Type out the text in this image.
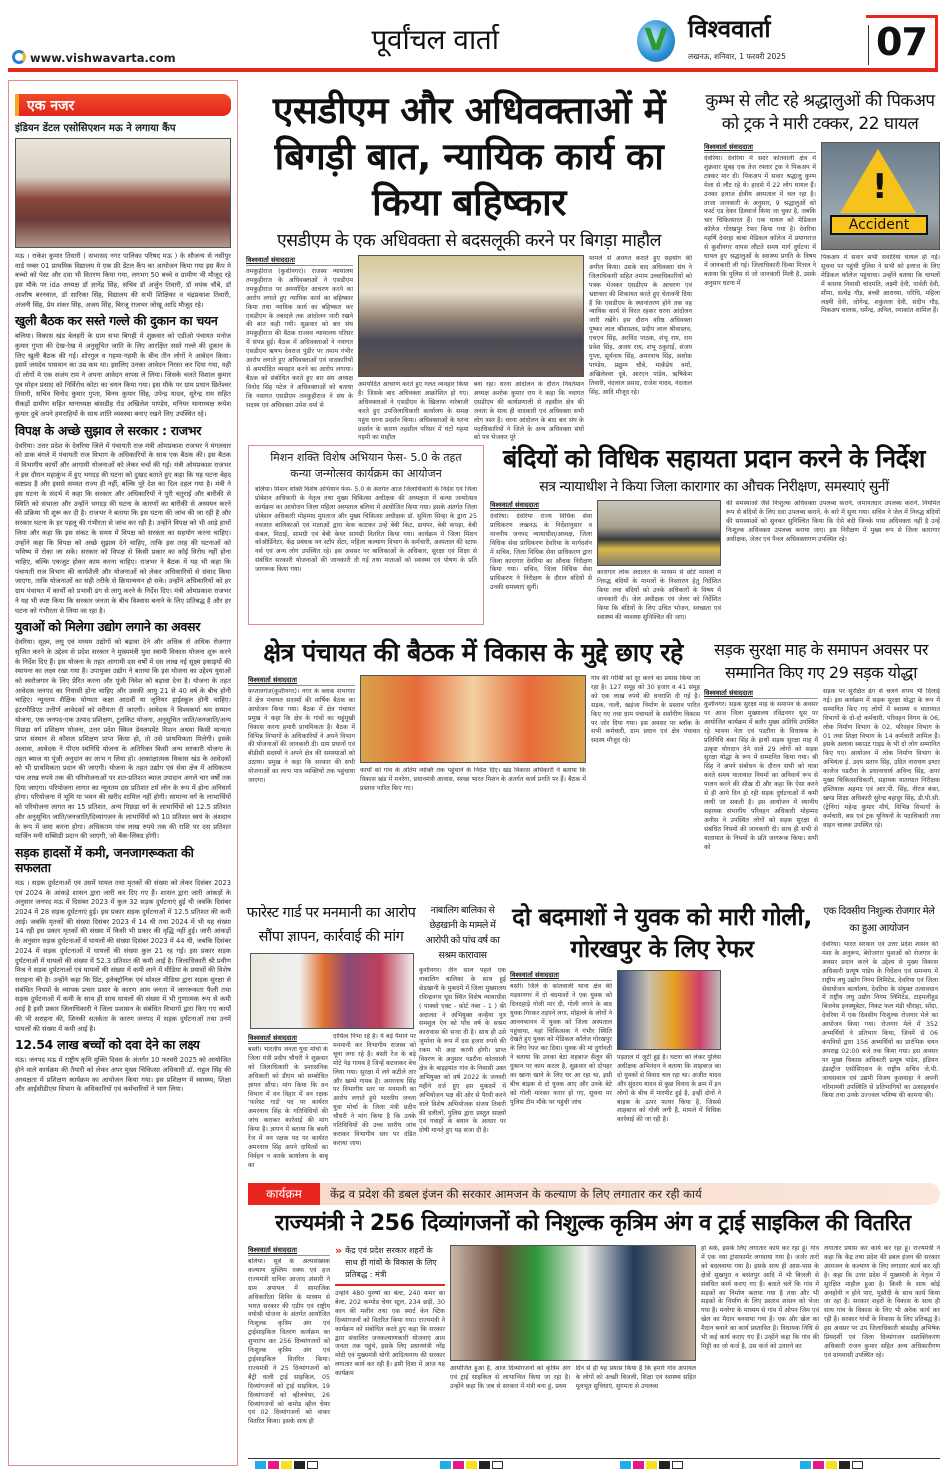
www.vishwavarta.com
पूर्वांचल वार्ता	V विश्ववार्ता
लखनऊ, शनिवार, 1 फरवरी 2025 07
एक नजर
इंडियन डेंटल एसोसिएशन मऊ ने लगाया कैंप
मऊ । राकेश कुमार तिवारी ( सभासद नगर पालिका परिषद मऊ ) के सौजन्य से नसीपुर वार्ड नम्बर 01 प्राथमिक विद्यालय मे एक फ्री डेंटल कैंप का आयोजन किया गया इस कैंप मे बच्चो को पेस्ट और दवा भी वितरण किया गया, लगभग 50 बच्चे व ग्रामीण भी मौजूद रहे इस मौके पर ida अध्यक्ष डॉ ज्ञानेंद्र सिंह, सचिव डॉ अर्जुन तिवारी, डॉ मयंक चौबे, डॉ आशीष बरनवाल, डॉ सारिका सिंह, विद्यालय की सभी शिक्षिका व चंद्रप्रकाश तिवारी, अंजनी सिंह, प्रेम शंकर सिंह, अजय सिंह, बिरजू राजभर जोखू आदि मौजूद रहे।
खुली बैठक कर सस्ते गल्ले की दुकान का चयन
बलिया। विकास खंड बेलहरी के ग्राम सभा बिगही मे शुक्रवार को एडीओ पंचायत मनोज कुमार गुप्ता की देख-रेख मे अनुसूचित जाति के लिए आरक्षित सस्ते गल्ले की दुकान के लिए खुली बैठक की गई। शोरगुल व गहमा-गहमी के बीच तीन लोगों ने आवेदन किया। इसमें जयदेव पासवान का उम्र कम था। इसलिए उनका आवेदन निरस्त कर दिया गया, वही दो लोगों मे एक सजंय राम ने अपना आवेदन वापस ले लिया। जिसके चलते विशाल कुमार पुत्र मोहन प्रसाद को निर्विरोध कोटा का चयन किया गया। इस मौके पर ग्राम प्रधान छितेश्वर तिवारी, सचिव विनोद कुमार गुप्ता, बिनय कुमार सिंह, उपेन्द्र यादव, सुरेन्द्र राम सहित सैकड़ों ग्रामीण सहित थानाध्यक्ष बांसडीह रोड अखिलेश पाण्डेय, मनियर थानाध्यक्ष रूपेश कुमार दुबे अपने हमराहियों के साथ शांति व्यवस्था बनाए रखने लिए उपस्थित रहे।
विपक्ष के अच्छे सुझाव ले सरकार : राजभर
देवरिया। उत्तर प्रदेश के देवरिया जिले में पंचायती राज मंत्री ओमप्रकाश राजभर ने मंगलवार को डाक बंगले में पंचायती राज विभाग के अधिकारियों के साथ एक बैठक की। इस बैठक में विभागीय कार्यों और आगामी योजनाओं को लेकर चर्चा की गई। मंत्री ओमप्रकाश राजभर ने इस दौरान महाकुंभ में हुए भगदड़ की घटना को दुखद बताते हुए कहा कि यह घटना बेहद कष्टप्रद है और इससे समस्त राज्य ही नहीं, बल्कि पूरे देश का दिल दहल गया है। मंत्री ने इस घटना के संदर्भ में कहा कि सरकार और अधिकारियों ने पूरी चतुराई और बारीकी से स्थिति को संभाला और उन्होंने भगदड़ की घटना के कारणों का बारीकी से अध्ययन करने की प्रक्रिया भी शुरू कर दी है। राजभर ने बताया कि इस घटना की जांच की जा रही है और सरकार घटना के हर पहलू की गंभीरता से जांच कर रही है। उन्होंने विपक्ष को भी आड़े हाथों लिया और कहा कि इस संकट के समय में विपक्ष को सरकार का सहयोग करना चाहिए। उन्होंने कहा कि विपक्ष को अच्छे सुझाव देने चाहिए, ताकि इस तरह की घटनाओं को भविष्य में रोका जा सके। सरकार को विपक्ष से किसी प्रकार का कोई विरोध नहीं होना चाहिए, बल्कि एकजुट होकर काम करना चाहिए। राजभर ने बैठक में यह भी कहा कि पंचायती राज विभाग की कार्यशैली और योजनाओं को लेकर अधिकारियों से संवाद किया जाएगा, ताकि योजनाओं का सही तरीके से क्रियान्वयन हो सके। उन्होंने अधिकारियों को हर ग्राम पंचायत में कार्यों को प्रभावी ढंग से लागू करने के निर्देश दिए। मंत्री ओमप्रकाश राजभर ने यह भी स्पष्ट किया कि सरकार जनता के बीच विश्वास बनाने के लिए प्रतिबद्ध है और हर घटना को गंभीरता से लिया जा रहा है।
युवाओं को मिलेगा उद्योग लगाने का अवसर
देवरिया। सूक्ष्म, लघु एवं मध्यम उद्योगों को बढ़ावा देने और अधिक से अधिक रोजगार सृजित करने के उद्देश्य से प्रदेश सरकार ने मुख्यमंत्री युवा स्वामी विकास योजना शुरू करने के निर्देश दिए हैं। इस योजना के तहत आगामी दस वर्षों में दस लाख नई सूक्ष्म इकाइयों की स्थापना का लक्ष्य रखा गया है। उपायुक्त उद्योग ने बताया कि इस योजना का उद्देश्य युवाओं को स्वरोजगार के लिए प्रेरित करना और पूंजी निवेश को बढ़ावा देना है। योजना के तहत आवेदक जनपद का निवासी होना चाहिए और उसकी आयु 21 से 40 वर्ष के बीच होनी चाहिए। न्यूनतम शैक्षिक योग्यता कक्षा आठवीं या जूनियर हाईस्कूल होनी चाहिए। इंटरमीडिएट उत्तीर्ण आवेदकों को वरीयता दी जाएगी। आवेदक ने विश्वकर्मा श्रम सम्मान योजना, एक जनपद-एक उत्पाद प्रशिक्षण, टूलकिट योजना, अनुसूचित जाति/जनजाति/अन्य पिछड़ा वर्ग प्रशिक्षण योजना, उत्तर प्रदेश स्किल डेवलपमेंट मिशन अथवा किसी मान्यता प्राप्त संस्थान से कौशल प्रशिक्षण प्राप्त किया हो, तो उसे प्राथमिकता मिलेगी। इसके अलावा, आवेदक ने पीएम स्वनिधि योजना के अतिरिक्त किसी अन्य सरकारी योजना के तहत ब्याज या पूंजी अनुदान का लाभ न लिया हो। आकांक्षात्मक विकास खंड के आवेदकों को भी प्राथमिकता प्रदान की जाएगी। योजना के तहत उद्योग एवं सेवा क्षेत्र में अधिकतम पांच लाख रुपये तक की परियोजनाओं पर शत-प्रतिशत ब्याज उपादान अगले चार वर्षों तक दिया जाएगा। परियोजना लागत का न्यूनतम दस प्रतिशत टर्म लोन के रूप में होना अनिवार्य होगा। परियोजना में भूमि या भवन की खरीद शामिल नहीं होगी। सामान्य वर्ग के लाभार्थियों को परियोजना लागत का 15 प्रतिशत, अन्य पिछड़ा वर्ग के लाभार्थियों को 12.5 प्रतिशत और अनुसूचित जाति/जनजाति/दिव्यांगजन के लाभार्थियों को 10 प्रतिशत स्वयं के अंशदान के रूप में जमा करना होगा। अधिकतम पांच लाख रुपये तक की राशि पर दस प्रतिशत मार्जिन मनी सब्सिडी प्रदान की जाएगी, जो बैंक-लिंक्ड होगी।
सड़क हादसों में कमी, जनजागरूकता की सफलता
मऊ । सड़क दुर्घटनाओं एवं उसमें घायल तथा मृतकों की संख्या को लेकर दिसंबर 2023 एवं 2024 के आंकड़े शासन द्वारा जारी कर दिए गए हैं। शासन द्वारा जारी आंकड़ों के अनुसार जनपद मऊ में दिसंबर 2023 में कुल 32 सड़क दुर्घटनाएं हुई थी जबकि दिसंबर 2024 में 28 सड़क दुर्घटनाएं हुई। इस प्रकार सड़क दुर्घटनाओं में 12.5 प्रतिशत की कमी आई। जबकि मृतकों की संख्या दिसंबर 2023 में 14 थी तथा 2024 में भी यह संख्या 14 रही इस प्रकार मृतकों की संख्या में किसी भी प्रकार की वृद्धि नहीं हुई। जारी आंकड़ों के अनुसार सड़क दुर्घटनाओं में घायलों की संख्या दिसंबर 2023 में 44 थी, जबकि दिसंबर 2024 में सड़क दुर्घटनाओं में घायलों की संख्या कुल 21 रह गई। इस प्रकार सड़क दुर्घटनाओं में घायलों की संख्या में 52.3 प्रतिशत की कमी आई है। जिलाधिकारी श्री प्रवीण मिश्र ने सड़क दुर्घटनाओं एवं घायलों की संख्या में कमी लाने में मीडिया के प्रयासों की विशेष सराहना की है। उन्होंने कहा कि प्रिंट, इलेक्ट्रॉनिक एवं सोशल मीडिया द्वारा सड़क सुरक्षा से संबंधित नियमों के व्यापक प्रचार प्रसार के कारण आम जनता में जागरूकता फैली तथा सड़क दुर्घटनाओं में कमी के साथ ही साथ घायलों की संख्या में भी गुणात्मक रूप से कमी आई है इसी प्रकार जिलाधिकारी ने जिला प्रशासन के संबंधित विभागों द्वारा किए गए कार्यों की भी सराहना की, जिनकी सतर्कता के कारण जनपद में सड़क दुर्घटनाओं तथा उनमें घायलों की संख्या में कमी आई है।
12.54 लाख बच्चों को दवा देने का लक्ष्य
मऊ। जनपद मऊ में राष्ट्रीय कृमि मुक्ति दिवस के अंतर्गत 10 फरवरी 2025 को आयोजित होने वाले कार्यक्रम की तैयारी को लेकर अपर मुख्य चिकित्सा अधिकारी डॉ. राहुल सिंह की अध्यक्षता में प्रशिक्षण कार्यक्रम का आयोजन किया गया। इस प्रशिक्षण में स्वास्थ्य, शिक्षा और आईसीडीएस विभाग के अधिकारियों एवं कर्मचारियों ने भाग लिया।
एसडीएम और अधिवक्ताओं में बिगड़ी बात, न्यायिक कार्य का किया बहिष्कार
एसडीएम के एक अधिवक्ता से बदसलूकी करने पर बिगड़ा माहौल
विश्ववार्ता संवाददाता
तमकुहीराज (कुशीनगर)। राजस्व न्यायालय तमकुहीराज के अधिवक्ताओं ने एसडीएम तमकुहीराज पर अमर्यादित आचरण करने का आरोप लगाते हुए न्यायिक कार्य का बहिष्कार किया तथा न्यायिक कार्य का बहिष्कार कर एसडीएम के तबादले तक आंदोलन जारी रखने की बात कही गयी। शुक्रवार को बार संघ तमकुहीराज की बैठक राजस्व न्यायालय परिसर में संपन्न हुई। बैठक में अधिवक्ताओं ने नवागत एसडीएम ऋषभ देवराज पुंडीर पर तमाम गंभीर आरोप लगाते हुए अधिवक्ताओं एवं वादकारियों से अमर्यादित व्यवहार करने का आरोप लगाया। बैठक को संबोधित करते हुए बार संघ अध्यक्ष विनोद सिंह पटेल ने अधिवक्ताओं को बताया कि नवागत एसडीएम तमकुहीराज ने संघ के सदस्य एवं अधिवक्ता उमेश वर्मा से
अमर्यादित आचरण करते हुए गलत व्यवहार किया है। जिसके बाद अधिवक्ता आक्रोशित हो गए। अधिवक्ताओं ने एसडीएम के खिलाफ नारेबाजी करते हुए उपजिलाधिकारी कार्यालय के समक्ष पहुंच धरना प्रदर्शन किया। अधिवक्ताओं के धरना प्रदर्शन के कारण तहसील परिसर में घंटों गहमा गहमी का माहौल
बना रहा। धरना आंदोलन के दौरान निवर्तमान अध्यक्ष अशोक कुमार राय ने कहा कि नवागत एसडीएम की कार्यप्रणाली से तहसील क्षेत्र की जनता के साथ ही वादकारी एवं अधिवक्ता सभी लोग त्रस्त है। धरना आंदोलन के बाद बार संघ के पदाधिकारियों ने जिले के अन्य अधिवक्ता संघों को पत्र भेजकर पूरे
मामले से अवगत कराते हुए सहयोग की अपील किया। उसके बाद अधिवक्ता संघ ने जिलाधिकारी सहित तमाम उच्चाधिकारियों को पत्रक भेजकर एसडीएम के आचरण एवं भ्रष्टाचार की शिकायत करते हुए चेतावनी दिया है कि एसडीएम के स्थानांतरण होने तक वह न्यायिक कार्य से विरत रहकर धरना आंदोलन जारी रखेंगे। इस दौरान वरिष्ठ अधिवक्ता पुष्कर लाल श्रीवास्तव, प्रदीप लाल श्रीवास्तव, एचएन सिंह, अरविंद पाठक, शंभू राय, राम प्रवेश सिंह, अजय राय, शंभू ठकुराई, संजय गुप्ता, सूर्यनाथ सिंह, अमरनाथ सिंह, अशोक पाण्डेय, प्रद्युम्न चौबे, मार्कंडेय वर्मा, अखिलेश्वर दूबे, आरएन पांडेय, ऋषिकेश तिवारी, नंदलाल प्रसाद, राजेश यादव, नंदलाल सिंह, आदि मौजूद रहे।
कुम्भ से लौट रहे श्रद्धालुओं की पिकअप को ट्रक ने मारी टक्कर, 22 घायल
विश्ववार्ता संवाददाता
देवरिया। देवरिया में सदर कोतवाली क्षेत्र में शुक्रवार सुबह एक तेज रफ्तार ट्रक ने पिकअप में टक्कर मार दी। पिकअप में सवार श्रद्धालु कुम्भ मेला से लौट रहे थे। हादसे में 22 लोग घायल हैं। उनका इलाज क्षेत्रीय अस्पताल में चल रहा है। ताजा जानकारी के अनुसार, 9 श्रद्धालुओं को फर्स्ट एड देकर डिस्चार्ज किया जा चुका है, जबकि चार चिकित्सारत हैं। एक घायल को मेडिकल कॉलेज गोरखपुर रेफर किया गया है। देवरिया महर्षि देवरहा बाबा मेडिकल कॉलेज में प्रयागराज से कुशीनगर वापस लौटते समय मार्ग दुर्घटना में घायल हुए श्रद्धालुओं के स्वास्थ्य प्रगति के विषय में जानकारी ली गई। जिलाधिकारी दिव्या मित्तल ने बताया कि पुलिस से जो जानकारी मिली है, उसके अनुसार घटना में
!
Accident
पिकअप में सवार सभी सवारियां घायल हो गईं। सूचना पर पहुंची पुलिस ने सभी को इलाज के लिए मेडिकल कॉलेज पहुंचाया। उन्होंने बताया कि घायलों में कसया निवासी चांदमति, लक्ष्मी देवी, पार्वती देवी, सीमा, सत्येंद्र गौड़, बच्ची आराध्या, परिधि, महिला लक्ष्मी देवी, जोगेन्द्र, शकुंतला देवी, संदीप गौड़, पिकअप चालक, धर्मेन्द्र, अनिल, रमाकांत शामिल हैं।
मिशन शक्ति विशेष अभियान फेस- 5.0 के तहत कन्या जन्मोत्सव कार्यक्रम का आयोजन
बलिया। मिशन शक्ति विशेष अभियान फेस- 5.0 के अंतर्गत आज जिलाधिकारी के निर्देश एवं जिला प्रोबेशन अधिकारी के नेतृत्व तथा मुख्य चिकित्सा अधीक्षक की अध्यक्षता में कन्या जन्मोत्सव कार्यक्रम का आयोजन जिला महिला अस्पताल बलिया में आयोजित किया गया। इसके अंतर्गत जिला प्रोबेशन अधिकारी मोहम्मद मुमताज और मुख्य चिकित्सा अधीक्षक डॉ. सुमिता सिन्हा के द्वारा 25 नवजात बालिकाओं एवं माताओं द्वारा केक काटकर उन्हें बेबी किट, डायपर, बेबी कपड़ा, बेबी कंबल, मिठाई, सामग्री एवं बेबी केयर सामग्री वितरित किया गया। कार्यक्रम में जिला मिशन कोऑर्डिनेटर, केंद्र प्रबंधक वन स्टॉप सेंटर, महिला कल्याण विभाग के कर्मचारी, अस्पताल की स्टाफ नर्स एवं अन्य लोग उपस्थित रहे। इस अवसर पर बालिकाओं के अधिकार, सुरक्षा एवं शिक्षा से संबंधित सरकारी योजनाओं की जानकारी दी गई तथा माताओं को स्वास्थ्य एवं पोषण के प्रति जागरूक किया गया।
बंदियों को विधिक सहायता प्रदान करने के निर्देश
सत्र न्यायाधीश ने किया जिला कारागार का औचक निरीक्षण, समस्याएं सुनीं
विश्ववार्ता संवाददाता
देवरिया। देवरिया राज्य विधिक सेवा प्राधिकरण लखनऊ के निर्देशानुसार व माननीय जनपद न्यायाधीश/अध्यक्ष, जिला विधिक सेवा प्राधिकरण देवरिया के मार्गदर्शन में सचिव, जिला विधिक सेवा प्राधिकरण द्वारा जिला कारागार देवरिया का औचक निरीक्षण किया गया। सचिव, जिला विधिक सेवा प्राधिकरण ने निरीक्षण के दौरान बंदियों से उनकी समस्याएं सुनीं।
कारागार लोक अदालत के माध्यम से छोटे मामलों में निरुद्ध बंदियों के मामलों के निस्तारण हेतु निर्देशित किया तथा बंदियों को उनके अधिकारों के विषय में जानकारी दी। जेल अधीक्षक एवं जेलर को निर्देशित किया कि बंदियों के लिए उचित भोजन, स्वच्छता एवं स्वास्थ्य की व्यवस्था सुनिश्चित की जाए।
की समस्याओं जैसे निःशुल्क अधिवक्ता उपलब्ध कराने, जमानतदार उपलब्ध कराने, नियमित रूप से बंदियों के लिए दवा उपलब्ध कराने, के बारे में सुना गया। सचिव ने जेल में निरुद्ध बंदियों की समस्याओं को सुनकर सुनिश्चित किया कि ऐसे बंदी जिनके पास अधिवक्ता नहीं है उन्हें निःशुल्क अधिवक्ता उपलब्ध कराया जाए। इस निरीक्षण में मुख्य रूप से जिला कारागार अधीक्षक, जेलर एवं पैनल अधिवक्तागण उपस्थित रहे।
क्षेत्र पंचायत की बैठक में विकास के मुद्दे छाए रहे
विश्ववार्ता संवाददाता
कप्तानगंज(कुशीनगर)। नगर के ब्लाक सभागार में क्षेत्र पंचायत सदस्यों की वार्षिक बैठक का आयोजन किया गया। बैठक में क्षेत्र पंचायत प्रमुख ने कहा कि क्षेत्र के गांवों का चहुंमुखी विकास करना हमारी प्राथमिकता है। बैठक में विभिन्न विभागों के अधिकारियों ने अपने विभाग की योजनाओं की जानकारी दी। ग्राम प्रधानों एवं बीडीसी सदस्यों ने अपने क्षेत्र की समस्याओं को उठाया। प्रमुख ने कहा कि सरकार की सभी योजनाओं का लाभ पात्र व्यक्तियों तक पहुंचाया जाएगा।
कार्यों को गांव के अंतिम व्यक्ति तक पहुंचाने के निर्देश दिए। खंड विकास अधिकारी ने बताया कि विकास खंड में मनरेगा, प्रधानमंत्री आवास, स्वच्छ भारत मिशन के अंतर्गत कार्य प्रगति पर हैं। बैठक में प्रस्ताव पारित किए गए।
गांव की गरीबी को दूर करने का प्रयास किया जा रहा है। 127 समूह को 30 हजार व 41 समूह को एक लाख रुपये की धनराशि दी गई है। सड़क, नाली, खड़ंजा निर्माण के प्रस्ताव पारित किए गए तथा ग्राम पंचायतों के सर्वांगीण विकास पर जोर दिया गया। इस अवसर पर ब्लॉक के सभी कर्मचारी, ग्राम प्रधान एवं क्षेत्र पंचायत सदस्य मौजूद रहे।
सड़क सुरक्षा माह के समापन अवसर पर सम्मानित किए गए 29 सड़क योद्धा
विश्ववार्ता संवाददाता
कुशीनगर। सड़क सुरक्षा माह के समापन के अवसर पर आज जिला मुख्यालय रविंद्रनगर धूस पर आयोजित कार्यक्रम में बतौर मुख्य अतिथि उपस्थित रहे भावना नेता एवं पडरौना के विधायक के प्रतिनिधि बंका सिंह के हाथों सड़क सुरक्षा माह में उत्कृष्ट योगदान देने वाले 29 लोगों को सड़क सुरक्षा योद्धा के रूप में सम्मानित किया गया। श्री सिंह ने अपने संबोधन के दौरान सभी को यात्रा करते समय यातायात नियमों का अनिवार्य रूप से पालन करने की सीख दी और कहा कि ऐसा करने से ही आये दिन हो रही सड़क दुर्घटनाओं में कमी लायी जा सकती है। इस आयोजन में स्थानीय सहायक संभागीय परिवहन अधिकारी मोहम्मद अनीस ने उपस्थित लोगों को सड़क सुरक्षा से संबंधित नियमों की जानकारी दी। साथ ही सभी से यातायात के नियमों के प्रति जागरूक किया। सभी को
सड़क पर सुरक्षित ढंग से चलने शपथ भी दिलाई गई। इस कार्यक्रम में सड़क सुरक्षा योद्धा के रूप में सम्मानित किए गए लोगों में स्वास्थ्य व यातायात विभागों के दो-दो कर्मचारी, परिवहन निगम के 06, लोक निर्माण विभाग के 02, परिवहन विभाग के 01 तथा शिक्षा विभाग के 14 कर्मचारी शामिल हैं। इसके अलावा स्काउट गाइड के भी दो लोग सम्मानित किए गए। आयोजन में लोक निर्माण विभाग के अभियंता ई. उदय प्रताप सिंह, उदित नारायण इण्टर कालेज पडरौना के प्रधानाचार्य अविन्द सिंह, अपर मुख्य चिकित्साधिकारी, सहायक यातायात निरीक्षक इश्तियाक अहमद एवं आर.पी. सिंह, नीरज बंका, खण्ड शिक्षा अधिकारी सुरेन्द्र बहादुर सिंह, डी.पी.सी. (ट्रेनिंग) महेन्द्र कुमार मौर्य, विभिन्न विभागों के कर्मचारी, बस एवं ट्रक यूनियनों के पदाधिकारी तथा वाहन चालक उपस्थित रहे।
फारेस्ट गार्ड पर मनमानी का आरोप सौंपा ज्ञापन, कार्रवाई की मांग
विश्ववार्ता संवाददाता
बस्ती। भारतीय जनता युवा मोर्चा के जिला मंत्री प्रदीप चौधरी ने शुक्रवार को जिलाधिकारी के प्रशासनिक अधिकारी को डीएम को सम्बोधित ज्ञापन सौंपा। मांग किया कि वन विभाग में वन विहार में वन रक्षक 'फारेस्ट गार्ड' पद पर कार्यरत अमरनाथ सिंह के गतिविधियों की जांच कराकर कार्रवाई की मांग किया है। ज्ञापन में बताया कि बस्ती रेंज में वन रक्षक पद पर कार्यरत अमरनाथ सिंह अपने दायित्वों का निर्वहन न करके कार्यालय के बाबू का
दायित्व निभा रहे है। ये बड़े पैमाने पर मनमानी कर विभागीय राजस्व को चूना लगा रहे है। बस्ती रेंज के बड़े मोटे पेड़ गायब है जिन्हें कटवाकर बेच लिया गया। सुरक्षा में लगे कटीले तार और खम्भे गायब है। अमरनाथ सिंह पर विभागीय स्तर पर मनमानी का आरोप लगाते हुये भारतीय जनता युवा मोर्चा के जिला मंत्री प्रदीप चौधरी ने मांग किया है कि उनके गतिविधियों की उच्च स्तरीय जांच कराकर विभागीय स्तर पर दंडित कराया जाय।
नाबालिग बालिका से छेड़खानी के मामले में आरोपी को पांच वर्ष का सश्रम कारावास
कुशीनगर। तीन साल पहले एक नाबालिग बालिका के साथ हुई छेड़खानी के मुकदमें में जिला मुख्यालय रविन्द्रनगर धूस स्थित विशेष न्यायाधीश ( पाक्सो एक्ट - कोर्ट नंबर - 1 ) की अदालत ने अभियुक्त कन्हैया पुत्र समशुल ऐन को पाँच वर्ष के सश्रम कारावास की सजा दी है। साथ ही उसे जुर्माना के रूप में दस हजार रुपये की रकम भी अदा करनी होगी। प्राप्त विवरण के अनुसार पडरौना कोतवाली क्षेत्र के बाइहयांत गांव के निवासी उक्त अभियुक्त को वर्ष 2022 के जनवरी महीने दर्ज हुए इस मुकदमें में अभियोजन पक्ष की ओर से पैरवी करने वाले विशेष अभियोजक संजय तिवारी की दलीलों, पुलिस द्वारा प्रस्तुत साक्ष्यों एवं गवाहों के बयान के आधार पर दोषी मानते हुए यह सजा दी है।
दो बदमाशों ने युवक को मारी गोली, गोरखपुर के लिए रेफर
विश्ववार्ता संवाददाता
बस्ती। जिले के कोतवाली थाना क्षेत्र की मड़वानगर में दो बदमाशों ने एक युवक को दिनदहाड़े गोली मार दी, गोली लगने के बाद युवक गिरकर तड़पने लगा, मोहल्ले के लोगों ने आननफानन में युवक को जिला अस्पताल पहुंचाया, यहां चिकित्सक ने गंभीर स्थिति देखते हुए युवक को मेडिकल कॉलेज गोरखपुर के लिए रेफर कर दिया। युवक की मां दुर्गावती ने बताया कि उनका बेटा शहबाज सैलून की दुकान पर काम करता है, शुक्रवार को दोपहर का खाना खाने के लिए घर आ रहा था, इसी बीच बाइक से दो युवक आए और उनके बेटे को गोली मारकर फरार हो गए, सूचना पर पुलिस टीम मौके पर पहुंची जांच
पड़ताल में जुटी हुई है। घटना को लेकर पुलिस अधीक्षक अभिनंदन ने बताया कि शाहबाज का दो युवकों से विवाद चल रहा था। अजीत यादव और सुंदरम यादव से कुछ विवाद के क्रम में इन लोगों के बीच में मारपीट हुई है, इन्हीं दोनों ने बाइक के ऊपर फायर किया है, जिससे शाहबाज को गोली लगी है, मामले में विधिक कार्रवाई की जा रही है।
एक दिवसीय निशुल्क रोजगार मेले का हुआ आयोजन
देवरिया। भारत सरकार एवं उत्तर प्रदेश शासन की मंशा के अनुरूप, बेरोजगार युवाओं को रोजगार के अवसर प्रदान करने के उद्देश्य से मुख्य विकास अधिकारी प्रत्यूष पांडेय के निर्देशन एवं समन्वय में राष्ट्रीय लघु उद्योग निगम लिमिटेड, देवरिया एवं जिला सेवायोजन कार्यालय, देवरिया के संयुक्त तत्वावधान में राष्ट्रीय लघु उद्योग निगम लिमिटेड, टाइमलीहुड बिजनेस इनक्यूबेटर, निकट फल मंडी चौराहा, सोंदा, देवरिया में एक दिवसीय निःशुल्क रोजगार मेले का आयोजन किया गया। रोजगार मेले में 352 अभ्यर्थियों ने प्रतिभाग किया, जिनमें से 06 कंपनियों द्वारा 156 अभ्यर्थियों का प्रारंभिक चयन अपराह्न 02:00 बजे तक किया गया। इस अवसर पर मुख्य विकास अधिकारी प्रत्यूष पांडेय, इंडियन इंडस्ट्रीज एसोसिएशन के राष्ट्रीय सचिव जे.पी. जायसवाल एवं उद्यमी विजय कुशवाहा ने अपनी गरिमामयी उपस्थिति से प्रतिभागियों का उत्साहवर्धन किया तथा उनके उज्ज्वल भविष्य की कामना की।
कार्यक्रम	केंद्र व प्रदेश की डबल इंजन की सरकार आमजन के कल्याण के लिए लगातार कर रही कार्य
राज्यमंत्री ने 256 दिव्यांगजनों को निशुल्क कृत्रिम अंग व ट्राई साइकिल की वितरित
विश्ववार्ता संवाददाता
बलिया। सूबे के अल्पसंख्यक कल्याण मुस्लिम वक्फ एवं हज राज्यमंत्री दानिश आजाद अंसारी ने ग्राम अपायल में सामाजिक अधिकारिता शिविर के माध्यम से भारत सरकार की एडीप एवं राष्ट्रीय वयोश्री योजना के अंतर्गत आयोजित निःशुल्क कृत्रिम अंग एवं ट्राईसाइकिल वितरण कार्यक्रम का शुभारंभ कर 256 दिव्यांगजनों को निःशुल्क कृत्रिम अंग एवं ट्राईसाइकिल वितरित किया। राज्यमंत्री ने 25 दिव्यांगजनों को बैट्री वाली ट्राई साइकिल, 05 दिव्यांगजनों को ट्राई साइकिल, 19 दिव्यांगजनों को व्हीलचेयर, 26 दिव्यांगजनों को कमोड व्हील चेयर एवं 02 दिव्यांगजनों को वाकर वितरित किया। इसके साथ ही
» केंद्र एवं प्रदेश सरकार शहरों के साथ ही गांवों के विकास के लिए प्रतिबद्ध : मंत्री
उन्होंने 480 पुरुषों का बेल्ट, 240 कमर का बेल्ट, 202 कम्मोड चेयर स्टूल, 234 छड़ी, 30 कान की मशीन तथा एक स्मार्ट केन स्टिक दिव्यांगजनों को वितरित किया गया। राज्यमंत्री ने कार्यक्रम को संबोधित करते हुए कहा कि सरकार द्वारा संचालित जनकल्याणकारी योजनाएं आम जनता तक पहुंचे, इसके लिए प्रधानमंत्री नरेंद्र मोदी एवं मुख्यमंत्री योगी आदित्यनाथ की सरकार लगातार कार्य कर रही है। इसी दिशा में आज यह कार्यक्रम
आयोजित हुआ है, आज दिव्यांगजनों को कृत्रिम अंग एवं ट्राई साइकिल से लाभान्वित किया जा रहा है। उन्होंने कहा कि जब से सरकार में मंत्री बना हूं, प्रथम
दिन से ही यह प्रयास किया है कि हमारे गांव अपायल के लोगों को अच्छी बिजली, शिक्षा एवं स्वास्थ्य सहित मूलभूत सुविधाएं, सुगमता से उपलब्ध
हो सके, इसके लिए लगातार कार्य कर रहा हूं। गांव में एक नया ट्रांसफार्मर लगवाया गया है। जर्जर तारों को बदलवाया गया है। इसके साथ ही आस-पास के क्षेत्रों सुखपुरा व बसंतपुर आदि में भी बिजली से संबंधित कार्य कराए गए हैं। बताते चलें कि गांव में सड़कों का निर्माण कराया गया है तथा और भी सड़कों के निर्माण के लिए प्रस्ताव शासन को भेजा गया है। मनरेगा के माध्यम से गांव में ओपन जिम एवं खेल का मैदान बनवाया गया है। एक और खेल का मैदान बनाने का कार्य प्रस्तावित है। विधायक निधि से भी कई कार्य कराए गए हैं। उन्होंने कहा कि गांव की मिट्टी का जो कर्ज है, उस कर्ज को उतारने का
लगातार प्रयास कर कार्य कर रहा हूं। राज्यमंत्री ने कहा कि केंद्र तथा प्रदेश की डबल इंजन की सरकार आमजन के कल्याण के लिए लगातार कार्य कर रही है। कहा कि उत्तर प्रदेश में मुख्यमंत्री के नेतृत्व में सुरक्षित माहौल हुआ है। किसी के साथ कोई अनहोनी न होने पाए, मुस्तैदी के साथ कार्य किया जा रहा है। सरकार शहरों के विकास के साथ ही साथ गांव के विकास के लिए भी अनेक कार्य कर रही है। सरकार गांवों के विकास के लिए प्रतिबद्ध है। इस अवसर पर उप जिलाधिकारी बांसडीह अभिषेक प्रियदर्शी एवं जिला दिव्यांगजन सशक्तिकरण अधिकारी राजन कुमार सहित अन्य अधिकारीगण एवं ग्रामवासी उपस्थित रहे।
